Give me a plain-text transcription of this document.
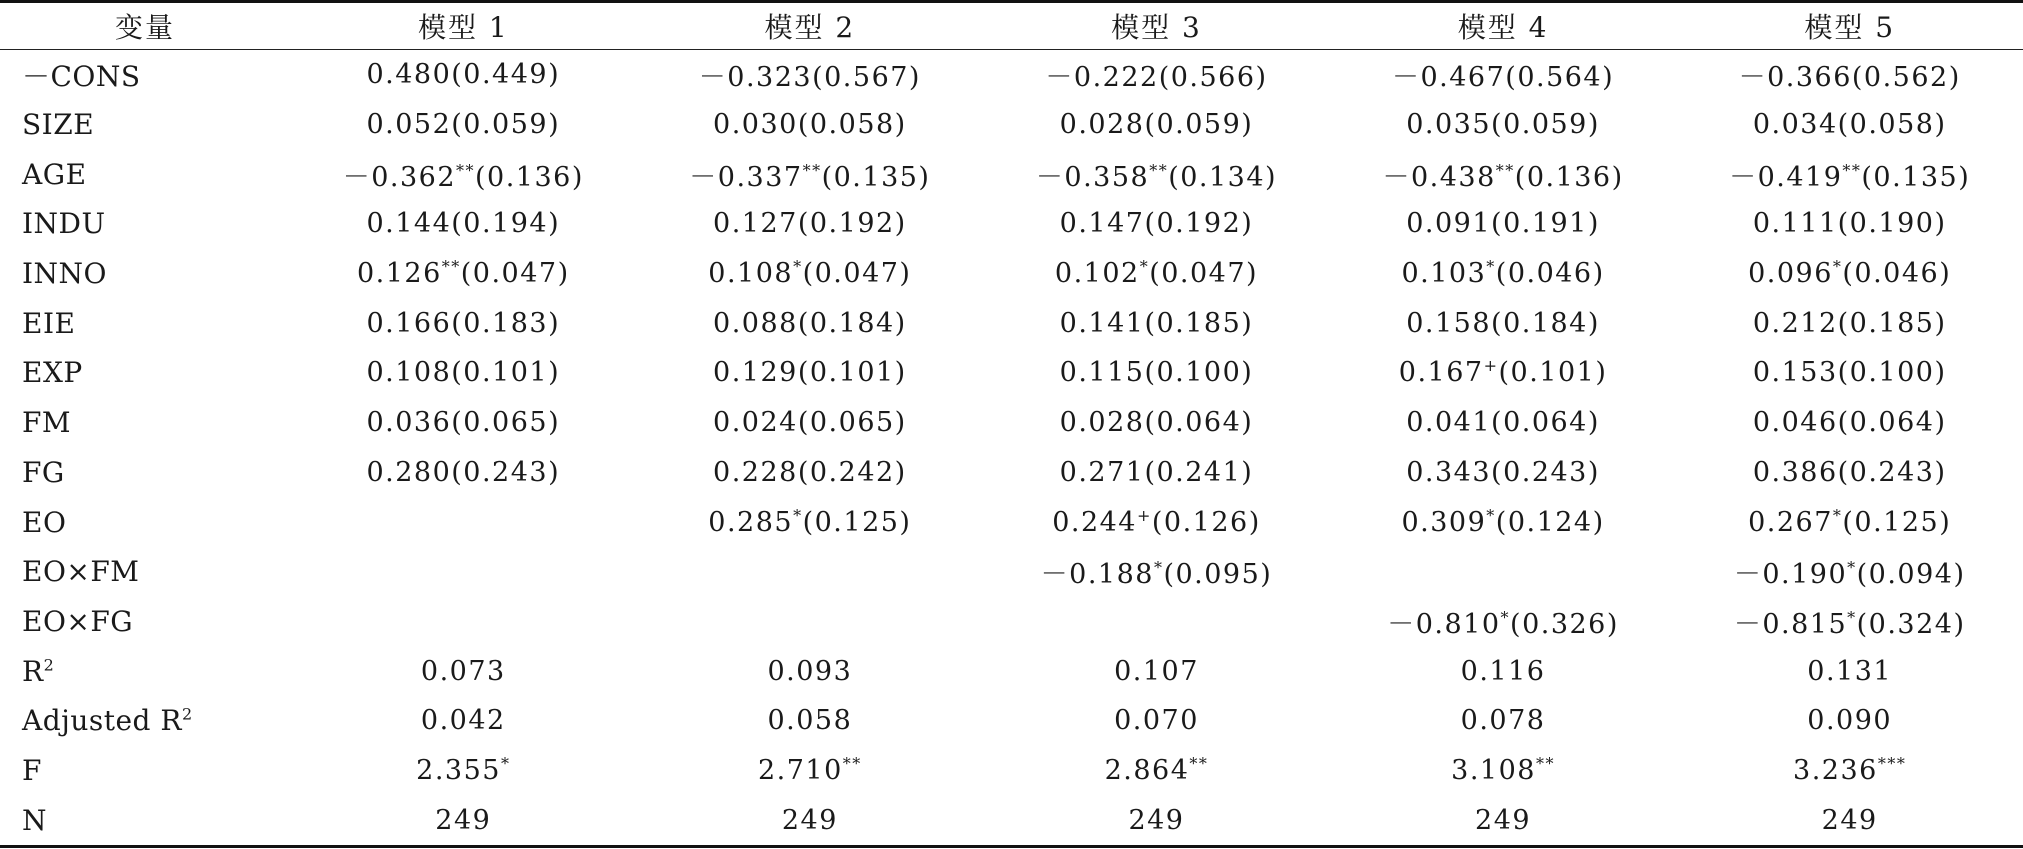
变量	模型 1	模型 2	模型 3	模型 4	模型 5
－CONS	0.480(0.449)	－0.323(0.567)	－0.222(0.566)	－0.467(0.564)	－0.366(0.562)
SIZE	0.052(0.059)	0.030(0.058)	0.028(0.059)	0.035(0.059)	0.034(0.058)
AGE	－0.362**(0.136)	－0.337**(0.135)	－0.358**(0.134)	－0.438**(0.136)	－0.419**(0.135)
INDU	0.144(0.194)	0.127(0.192)	0.147(0.192)	0.091(0.191)	0.111(0.190)
INNO	0.126**(0.047)	0.108*(0.047)	0.102*(0.047)	0.103*(0.046)	0.096*(0.046)
EIE	0.166(0.183)	0.088(0.184)	0.141(0.185)	0.158(0.184)	0.212(0.185)
EXP	0.108(0.101)	0.129(0.101)	0.115(0.100)	0.167+(0.101)	0.153(0.100)
FM	0.036(0.065)	0.024(0.065)	0.028(0.064)	0.041(0.064)	0.046(0.064)
FG	0.280(0.243)	0.228(0.242)	0.271(0.241)	0.343(0.243)	0.386(0.243)
EO		0.285*(0.125)	0.244+(0.126)	0.309*(0.124)	0.267*(0.125)
EO×FM			－0.188*(0.095)		－0.190*(0.094)
EO×FG				－0.810*(0.326)	－0.815*(0.324)
$R^2$	0.073	0.093	0.107	0.116	0.131
Adjusted $R^2$	0.042	0.058	0.070	0.078	0.090
F	2.355*	2.710**	2.864**	3.108**	3.236***
N	249	249	249	249	249
